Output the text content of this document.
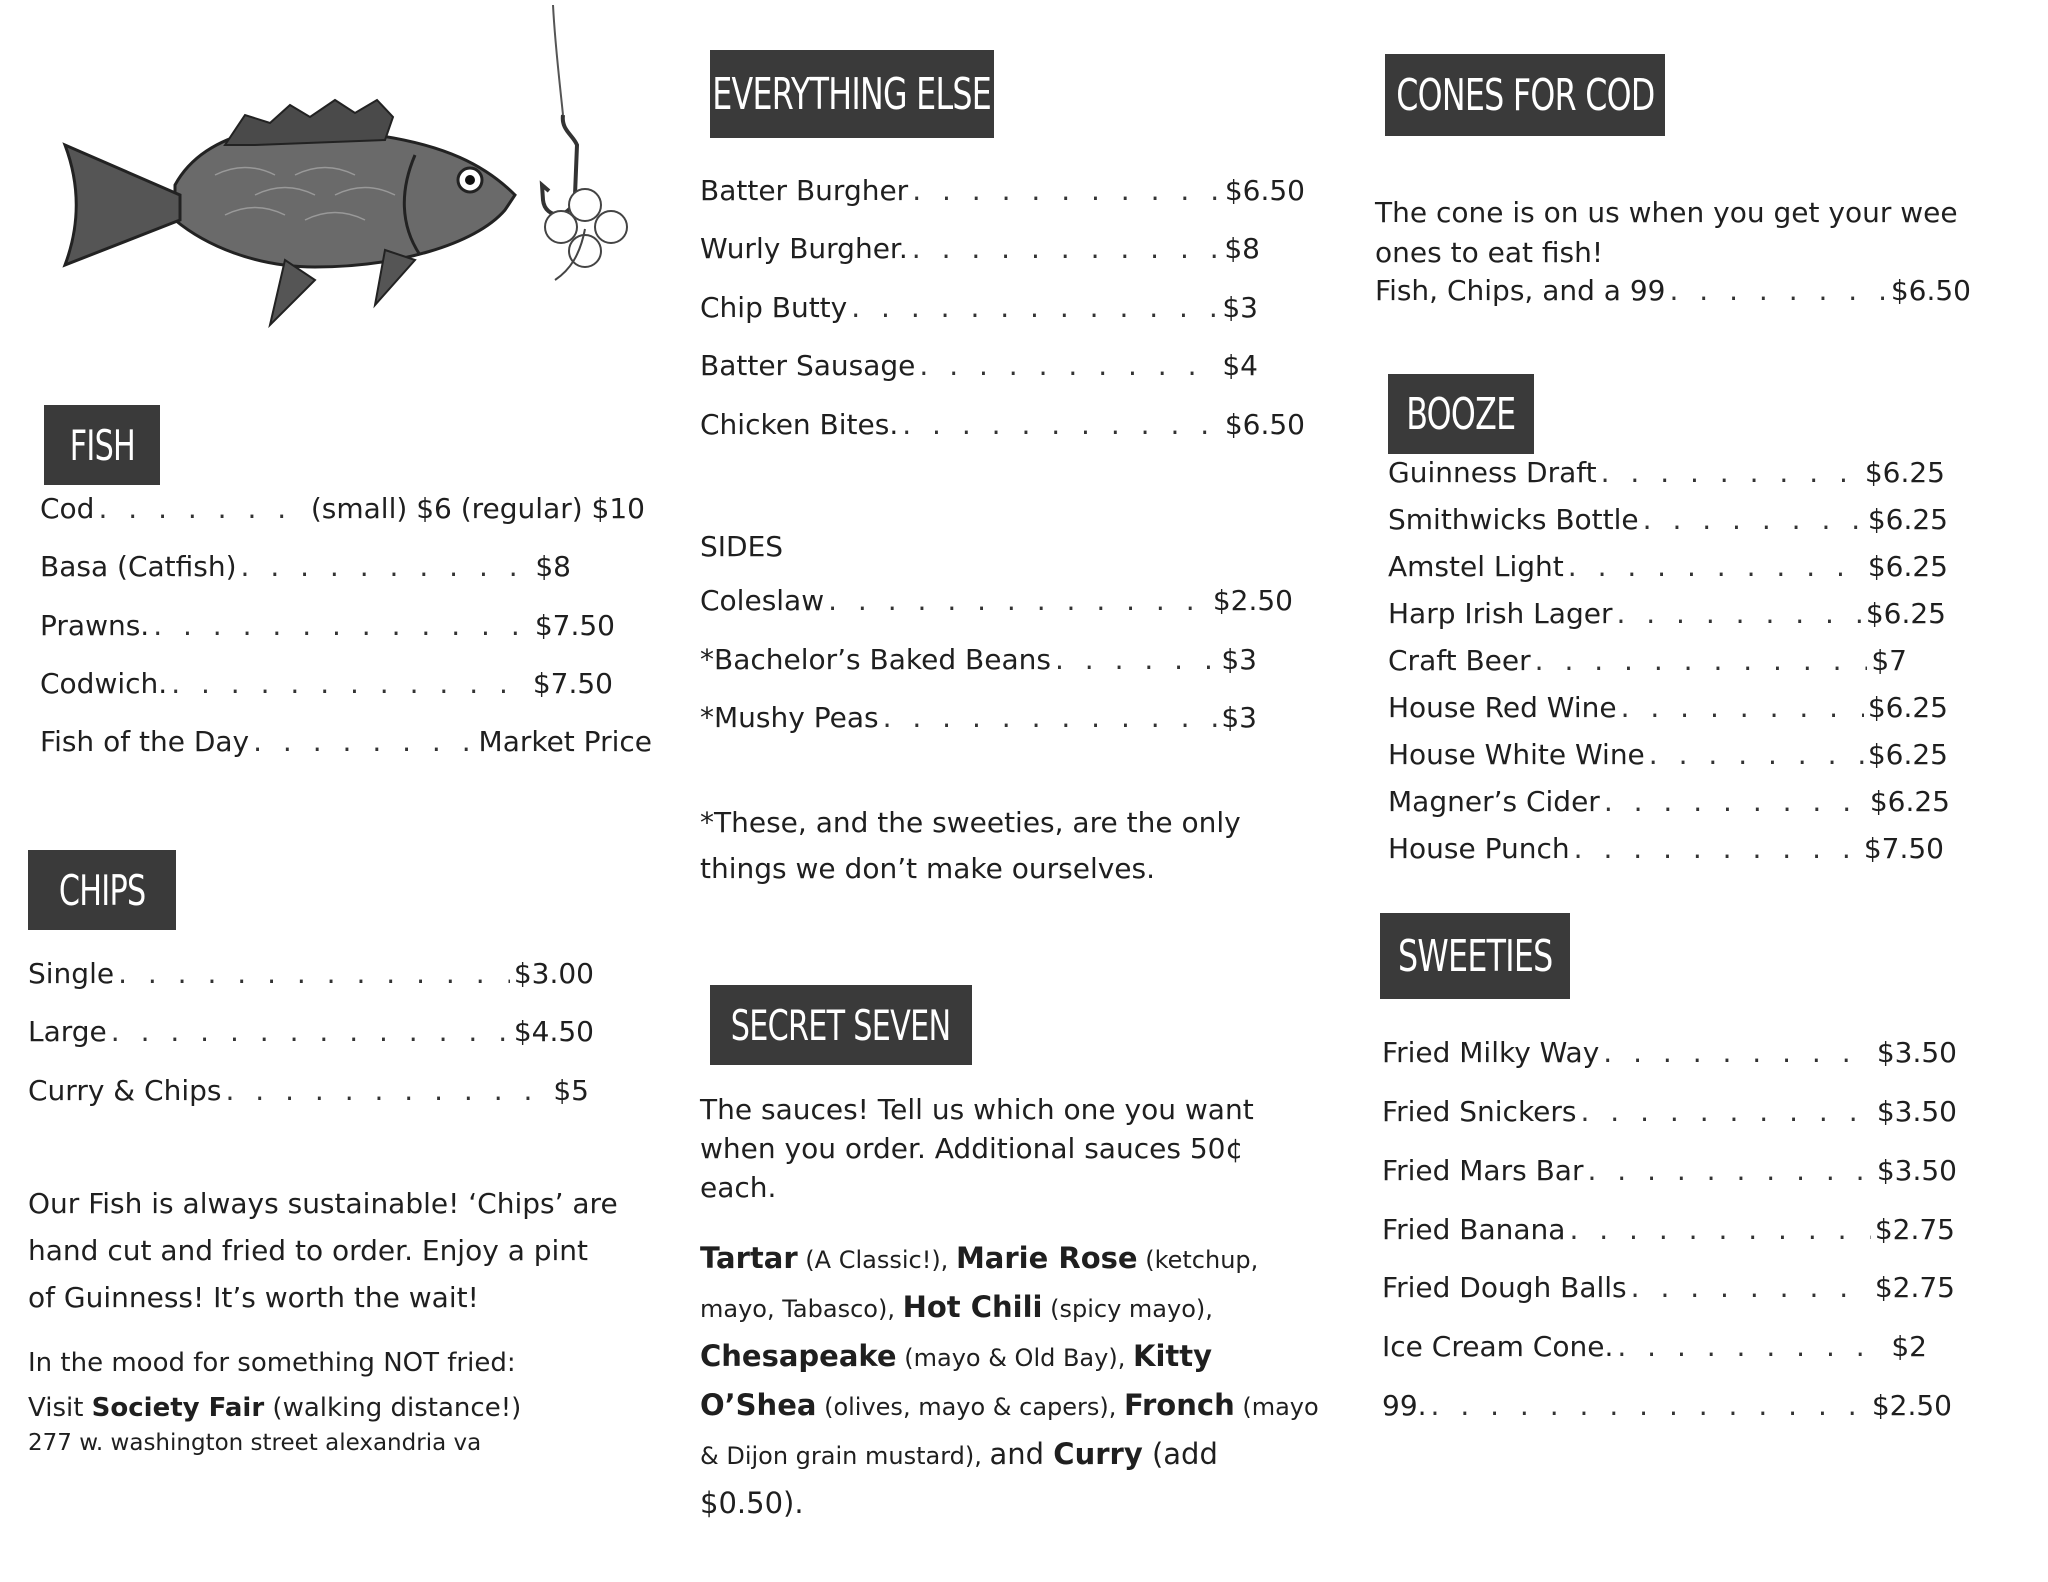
FISH
Cod . . .	(small) $6 (regular) $10
Basa (Catfish) . . .	$8
Prawns. . . .	$7.50
Codwich. . . .	$7.50
Fish of the Day . . .	Market Price
CHIPS
Single . . .	$3.00
Large . . .	$4.50
Curry & Chips . . .	$5
Our Fish is always sustainable! ‘Chips’ are
hand cut and fried to order. Enjoy a pint
of Guinness! It’s worth the wait!
In the mood for something NOT fried:
Visit Society Fair (walking distance!)
277 w. washington street alexandria va
EVERYTHING ELSE
Batter Burgher . . .	$6.50
Wurly Burgher. . . .	$8
Chip Butty . . .	$3
Batter Sausage . . .	$4
Chicken Bites. . . .	$6.50
SIDES
Coleslaw . . .	$2.50
*Bachelor’s Baked Beans . . .	$3
*Mushy Peas . . .	$3
*These, and the sweeties, are the only
things we don’t make ourselves.
SECRET SEVEN
The sauces! Tell us which one you want
when you order. Additional sauces 50¢
each.
Tartar (A Classic!), Marie Rose (ketchup, mayo, Tabasco), Hot Chili (spicy mayo), Chesapeake (mayo & Old Bay), Kitty O’Shea (olives, mayo & capers), Fronch (mayo & Dijon grain mustard), and Curry (add $0.50).
CONES FOR COD
The cone is on us when you get your wee
ones to eat fish!
Fish, Chips, and a 99 . . .	$6.50
BOOZE
Guinness Draft . . .	$6.25
Smithwicks Bottle . . .	$6.25
Amstel Light . . .	$6.25
Harp Irish Lager . . .	$6.25
Craft Beer . . .	$7
House Red Wine . . .	$6.25
House White Wine . . .	$6.25
Magner’s Cider . . .	$6.25
House Punch . . .	$7.50
SWEETIES
Fried Milky Way . . .	$3.50
Fried Snickers . . .	$3.50
Fried Mars Bar . . .	$3.50
Fried Banana . . .	$2.75
Fried Dough Balls . . .	$2.75
Ice Cream Cone. . . .	$2
99. . . .	$2.50
